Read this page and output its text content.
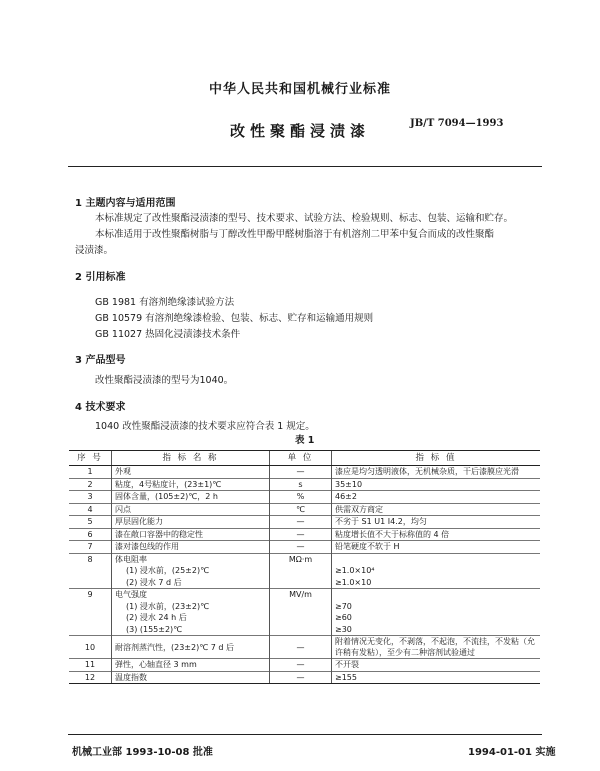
中华人民共和国机械行业标准
改性聚酯浸渍漆	JB/T 7094—1993
1 主题内容与适用范围
本标准规定了改性聚酯浸渍漆的型号、技术要求、试验方法、检验规则、标志、包装、运输和贮存。
本标准适用于改性聚酯树脂与丁醇改性甲酚甲醛树脂溶于有机溶剂二甲苯中复合而成的改性聚酯
浸渍漆。
2 引用标准
GB 1981 有溶剂绝缘漆试验方法
GB 10579 有溶剂绝缘漆检验、包装、标志、贮存和运输通用规则
GB 11027 热固化浸渍漆技术条件
3 产品型号
改性聚酯浸渍漆的型号为1040。
4 技术要求
1040 改性聚酯浸渍漆的技术要求应符合表 1 规定。
表 1
序 号	指 标 名 称	单 位	指 标 值
1	外观	—	漆应是均匀透明液体，无机械杂质，干后漆膜应光滑
2	粘度，4号粘度计，(23±1)℃	s	35±10
3	固体含量，(105±2)℃，2 h	%	46±2
4	闪点	℃	供需双方商定
5	厚层固化能力	—	不劣于 S1 U1 I4.2，均匀
6	漆在敞口容器中的稳定性	—	粘度增长值不大于标称值的 4 倍
7	漆对漆包线的作用	—	铅笔硬度不软于 H
8	体电阻率	MΩ·m	
	(1) 浸水前，(25±2)℃		≥1.0×10⁴
	(2) 浸水 7 d 后		≥1.0×10
9	电气强度	MV/m	
	(1) 浸水前，(23±2)℃		≥70
	(2) 浸水 24 h 后		≥60
	(3) (155±2)℃		≥30
10	耐溶剂蒸汽性，(23±2)℃ 7 d 后	—	附着情况无变化，不剥落，不起泡，不流挂，不发粘（允许稍有发粘），至少有二种溶剂试验通过
11	弹性，心轴直径 3 mm	—	不开裂
12	温度指数	—	≥155
机械工业部 1993-10-08 批准	1994-01-01 实施
